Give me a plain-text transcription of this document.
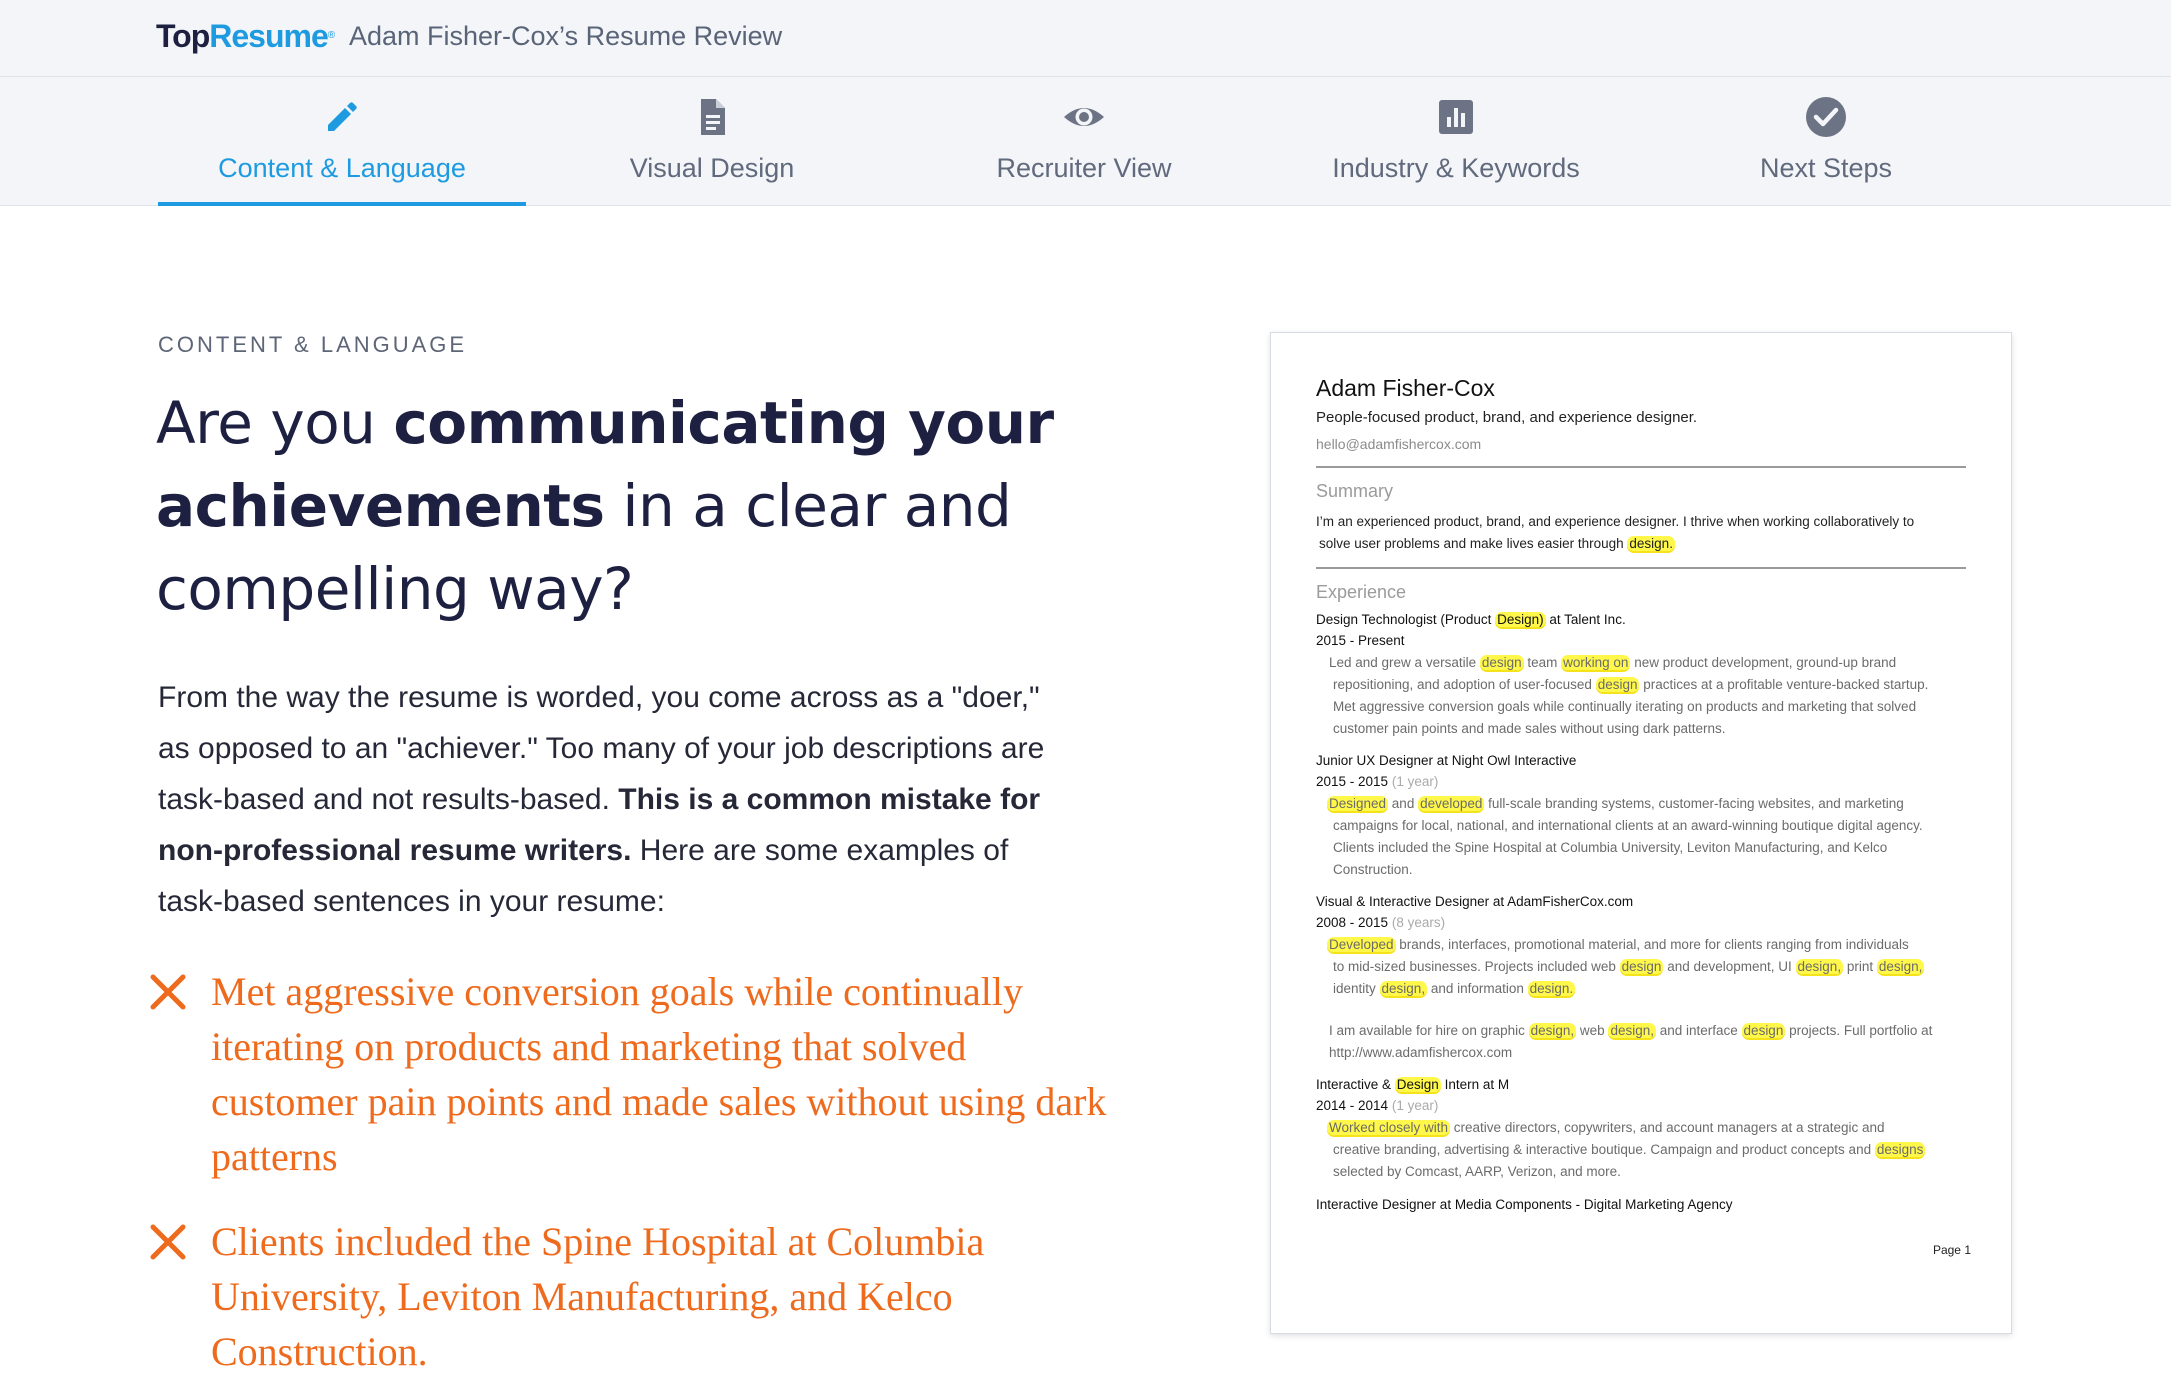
TopResume® Adam Fisher-Cox’s Resume Review
Content & Language	Visual Design	Recruiter View	Industry & Keywords	Next Steps
CONTENT & LANGUAGE
Are you communicating your achievements in a clear and compelling way?
From the way the resume is worded, you come across as a "doer," as opposed to an "achiever." Too many of your job descriptions are task-based and not results-based. This is a common mistake for non-professional resume writers. Here are some examples of task-based sentences in your resume:
Met aggressive conversion goals while continually iterating on products and marketing that solved customer pain points and made sales without using dark patterns
Clients included the Spine Hospital at Columbia University, Leviton Manufacturing, and Kelco Construction.
Adam Fisher-Cox
People-focused product, brand, and experience designer.
hello@adamfishercox.com
Summary
I’m an experienced product, brand, and experience designer. I thrive when working collaboratively to
solve user problems and make lives easier through design.
Experience
Design Technologist (Product Design) at Talent Inc.
2015 - Present
Led and grew a versatile design team working on new product development, ground-up brand
repositioning, and adoption of user-focused design practices at a profitable venture-backed startup.
Met aggressive conversion goals while continually iterating on products and marketing that solved
customer pain points and made sales without using dark patterns.
Junior UX Designer at Night Owl Interactive
2015 - 2015 (1 year)
Designed and developed full-scale branding systems, customer-facing websites, and marketing
campaigns for local, national, and international clients at an award-winning boutique digital agency.
Clients included the Spine Hospital at Columbia University, Leviton Manufacturing, and Kelco
Construction.
Visual & Interactive Designer at AdamFisherCox.com
2008 - 2015 (8 years)
Developed brands, interfaces, promotional material, and more for clients ranging from individuals
to mid-sized businesses. Projects included web design and development, UI design, print design,
identity design, and information design.
I am available for hire on graphic design, web design, and interface design projects. Full portfolio at
http://www.adamfishercox.com
Interactive & Design Intern at M
2014 - 2014 (1 year)
Worked closely with creative directors, copywriters, and account managers at a strategic and
creative branding, advertising & interactive boutique. Campaign and product concepts and designs
selected by Comcast, AARP, Verizon, and more.
Interactive Designer at Media Components - Digital Marketing Agency
Page 1
